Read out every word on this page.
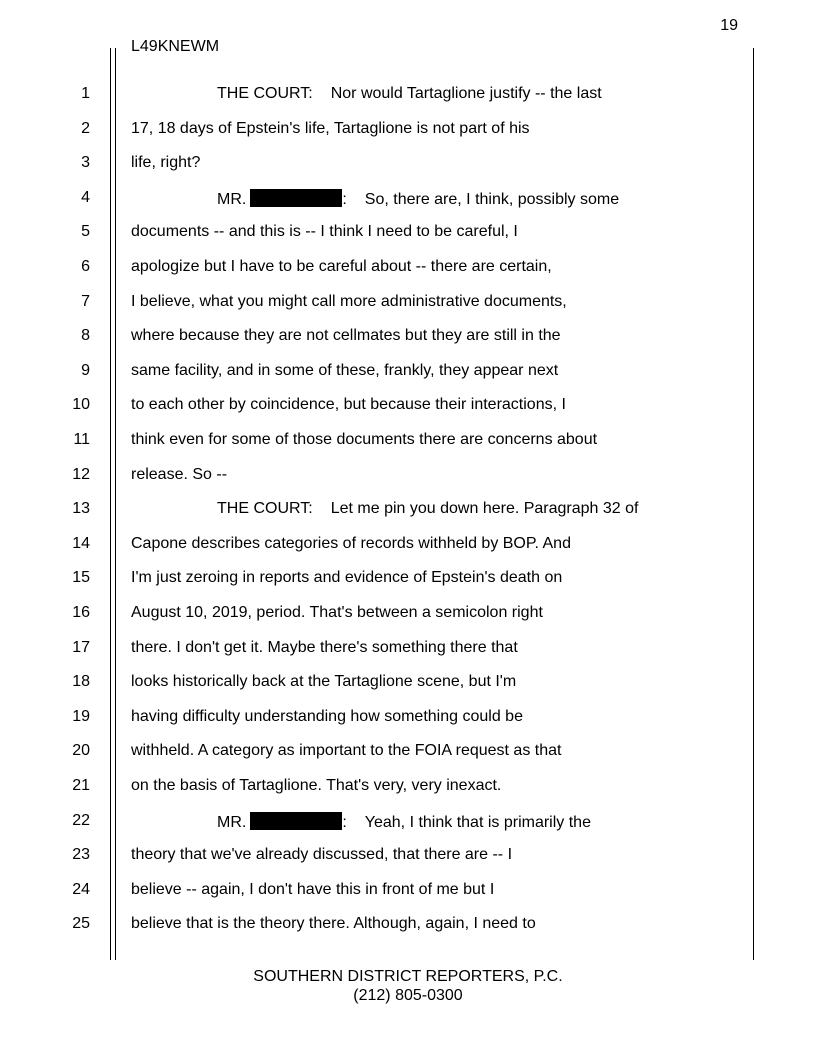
19
L49KNEWM
1	THE COURT: Nor would Tartaglione justify -- the last
2	17, 18 days of Epstein's life, Tartaglione is not part of his
3	life, right?
4	MR.	: So, there are, I think, possibly some
5	documents -- and this is -- I think I need to be careful, I
6	apologize but I have to be careful about -- there are certain,
7	I believe, what you might call more administrative documents,
8	where because they are not cellmates but they are still in the
9	same facility, and in some of these, frankly, they appear next
10	to each other by coincidence, but because their interactions, I
11	think even for some of those documents there are concerns about
12	release. So --
13	THE COURT: Let me pin you down here. Paragraph 32 of
14	Capone describes categories of records withheld by BOP. And
15	I'm just zeroing in reports and evidence of Epstein's death on
16	August 10, 2019, period. That's between a semicolon right
17	there. I don't get it. Maybe there's something there that
18	looks historically back at the Tartaglione scene, but I'm
19	having difficulty understanding how something could be
20	withheld. A category as important to the FOIA request as that
21	on the basis of Tartaglione. That's very, very inexact.
22	MR.	: Yeah, I think that is primarily the
23	theory that we've already discussed, that there are -- I
24	believe -- again, I don't have this in front of me but I
25	believe that is the theory there. Although, again, I need to
SOUTHERN DISTRICT REPORTERS, P.C.
(212) 805-0300
